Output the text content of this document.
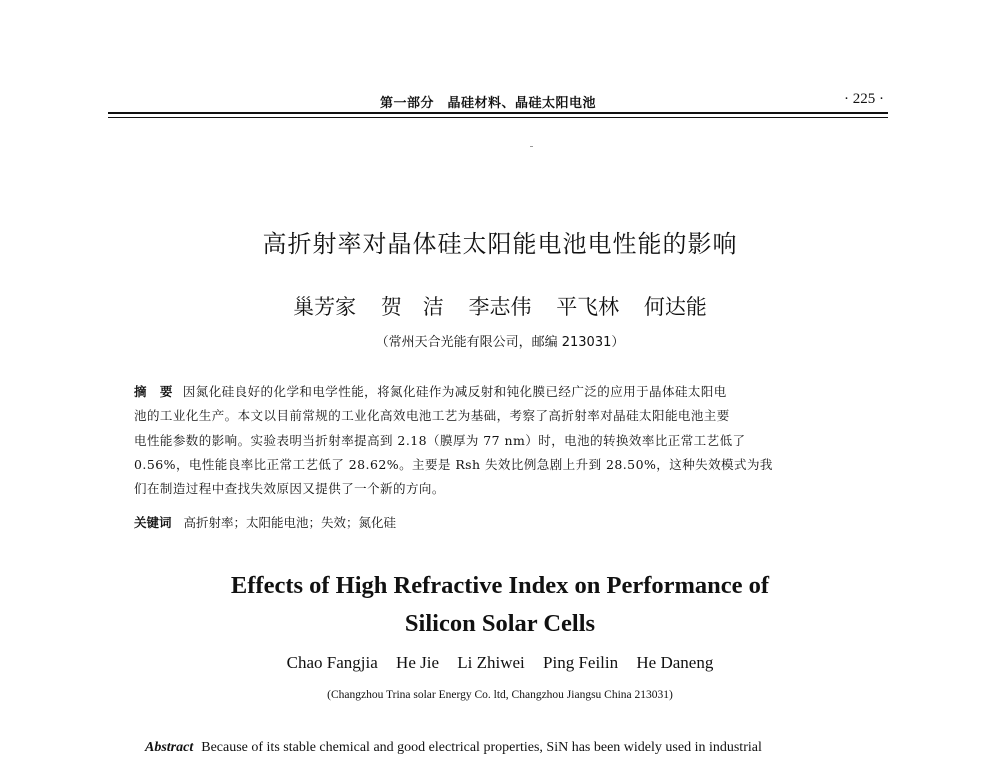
第一部分　晶硅材料、晶硅太阳电池	· 225 ·
高折射率对晶体硅太阳能电池电性能的影响
巢芳家 贺　洁 李志伟 平飞林 何达能
（常州天合光能有限公司，邮编 213031）
摘　要 因氮化硅良好的化学和电学性能，将氮化硅作为减反射和钝化膜已经广泛的应用于晶体硅太阳电
池的工业化生产。本文以目前常规的工业化高效电池工艺为基础，考察了高折射率对晶硅太阳能电池主要
电性能参数的影响。实验表明当折射率提高到 2.18（膜厚为 77 nm）时，电池的转换效率比正常工艺低了
0.56%，电性能良率比正常工艺低了 28.62%。主要是 Rsh 失效比例急剧上升到 28.50%，这种失效模式为我
们在制造过程中查找失效原因又提供了一个新的方向。
关键词 高折射率；太阳能电池；失效；氮化硅
Effects of High Refractive Index on Performance of
Silicon Solar Cells
Chao Fangjia He Jie Li Zhiwei Ping Feilin He Daneng
(Changzhou Trina solar Energy Co. ltd, Changzhou Jiangsu China 213031)
Abstract Because of its stable chemical and good electrical properties, SiN has been widely used in industrial
